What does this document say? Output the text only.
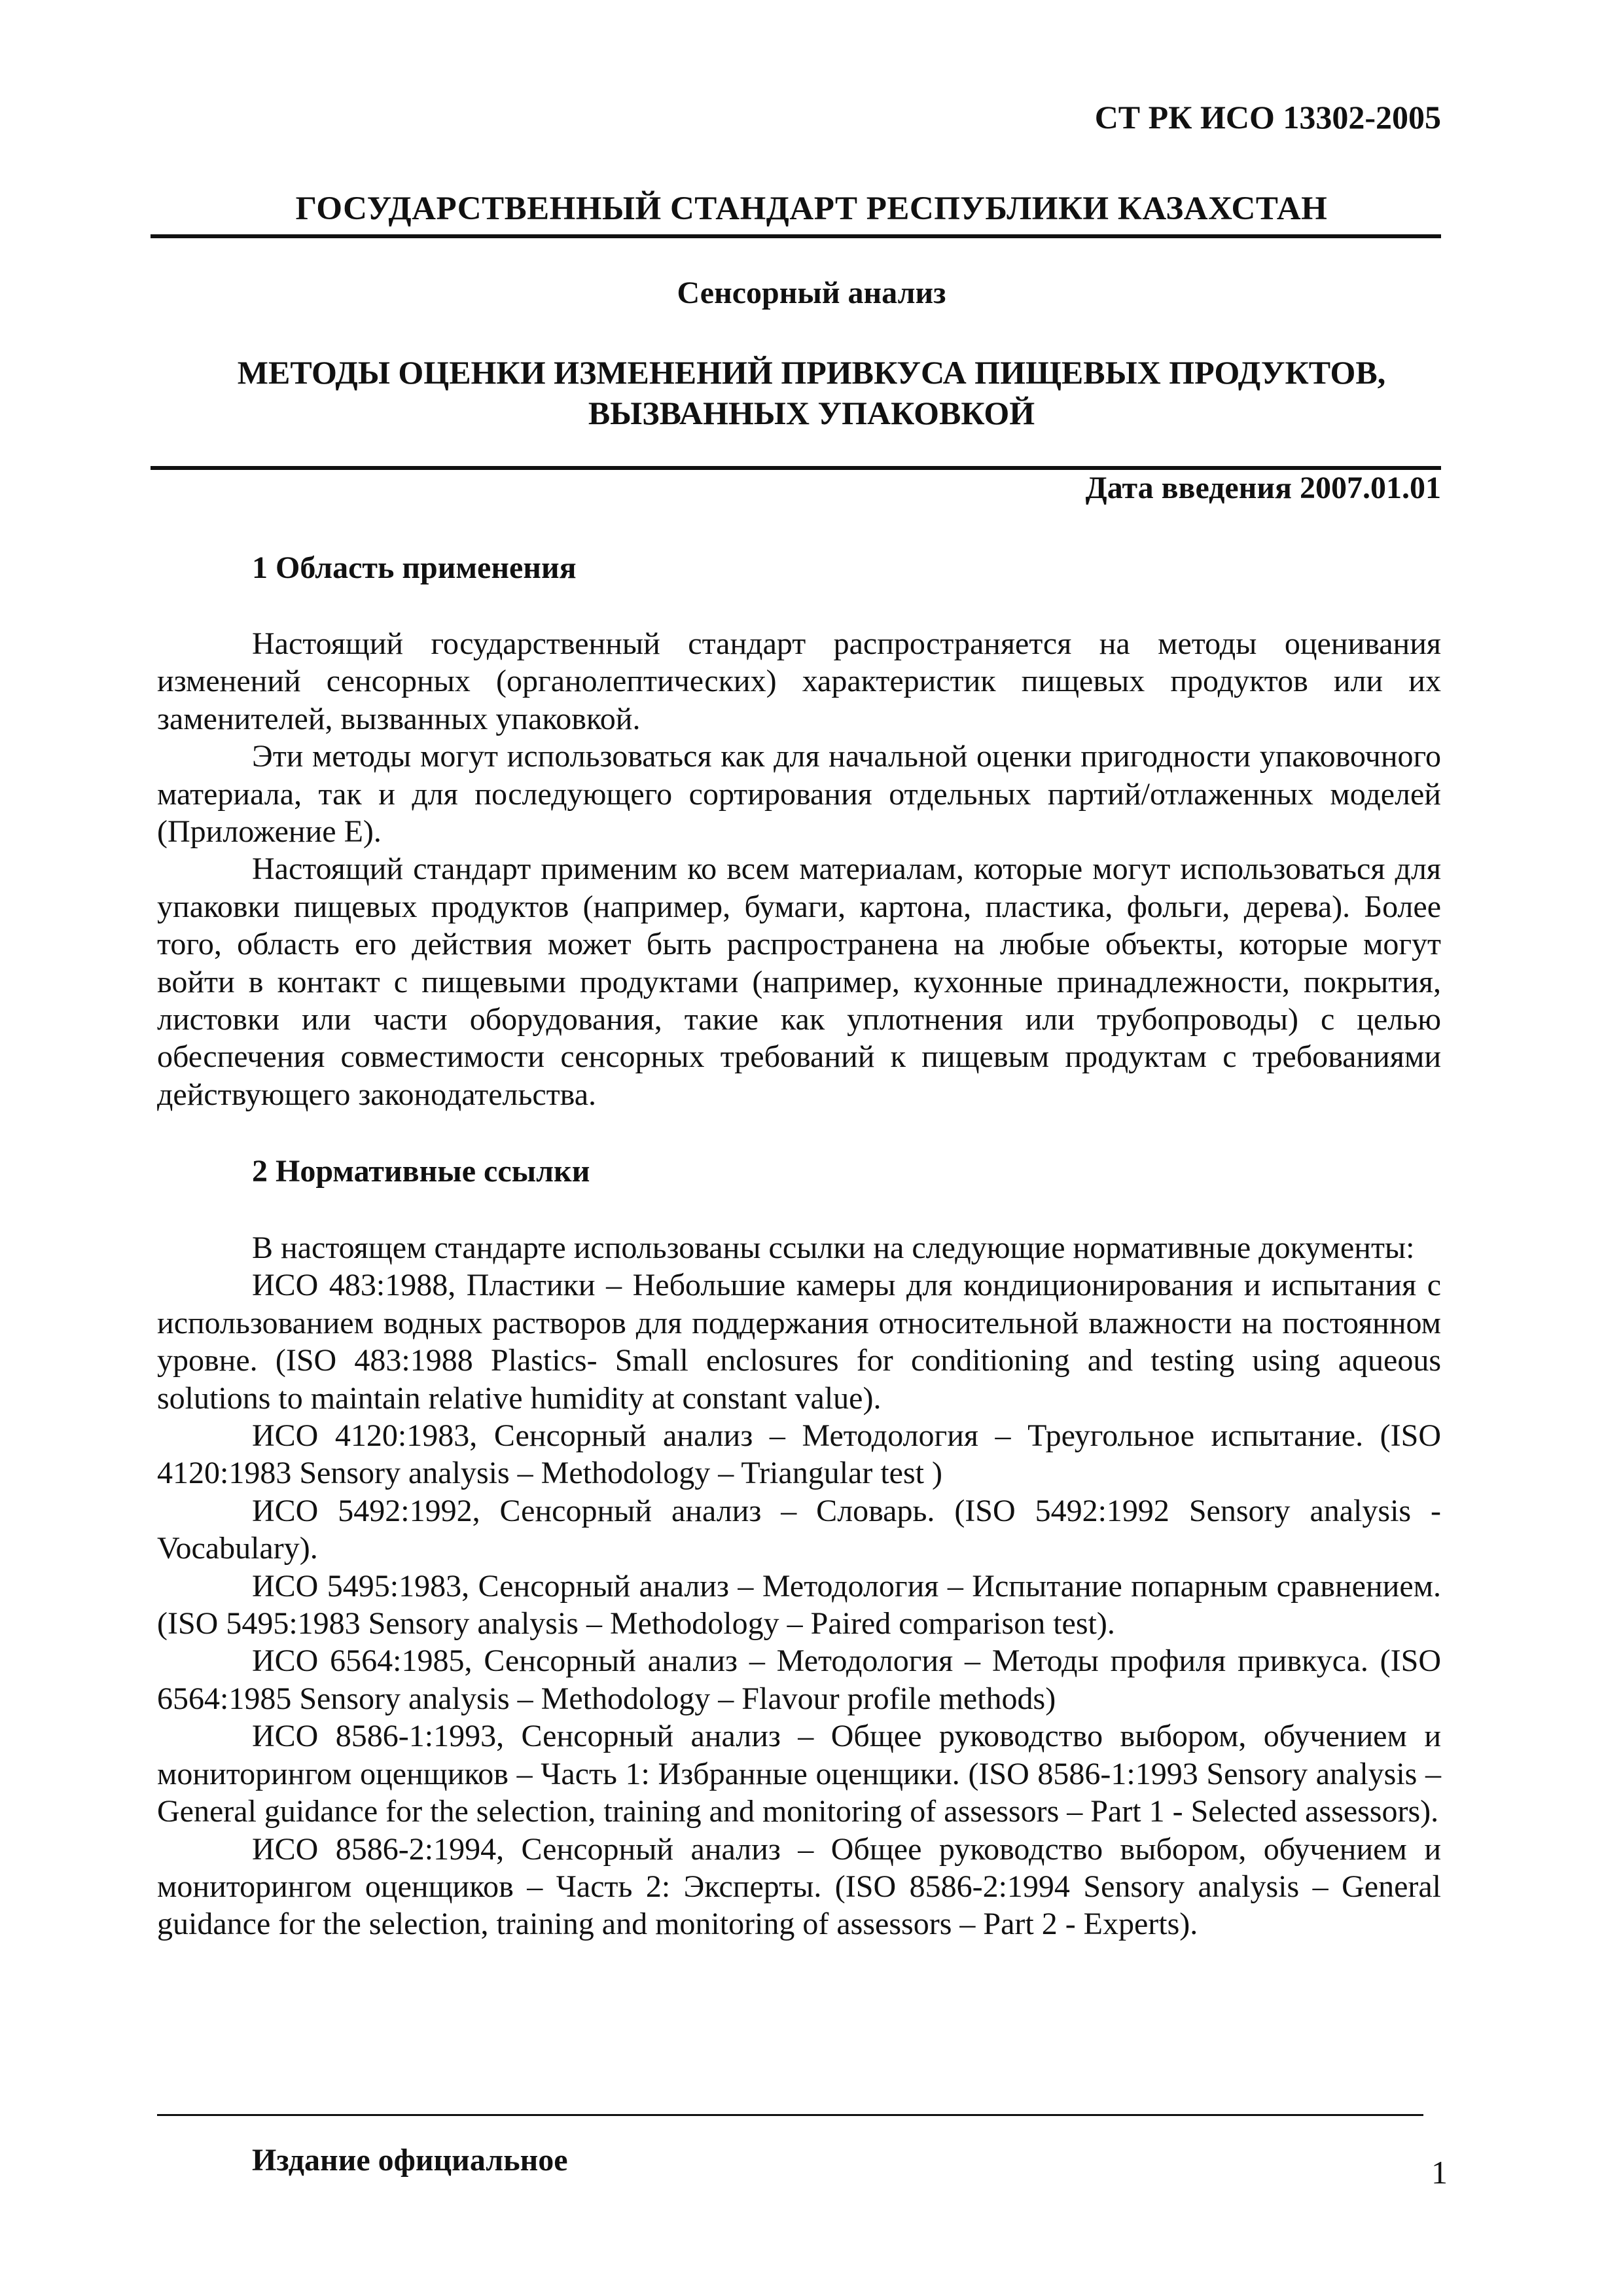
СТ РК ИСО 13302-2005
ГОСУДАРСТВЕННЫЙ СТАНДАРТ РЕСПУБЛИКИ КАЗАХСТАН
Сенсорный анализ
МЕТОДЫ ОЦЕНКИ ИЗМЕНЕНИЙ ПРИВКУСА ПИЩЕВЫХ ПРОДУКТОВ,
ВЫЗВАННЫХ УПАКОВКОЙ
Дата введения 2007.01.01
1 Область применения

Настоящий государственный стандарт распространяется на методы оценивания изменений сенсорных (органолептических) характеристик пищевых продуктов или их заменителей, вызванных упаковкой.

Эти методы могут использоваться как для начальной оценки пригодности упаковочного материала, так и для последующего сортирования отдельных партий/отлаженных моделей (Приложение Е).

Настоящий стандарт применим ко всем материалам, которые могут использоваться для упаковки пищевых продуктов (например, бумаги, картона, пластика, фольги, дерева). Более того, область его действия может быть распространена на любые объекты, которые могут войти в контакт с пищевыми продуктами (например, кухонные принадлежности, покрытия, листовки или части оборудования, такие как уплотнения или трубопроводы) с целью обеспечения совместимости сенсорных требований к пищевым продуктам с требованиями действующего законодательства.

2 Нормативные ссылки

В настоящем стандарте использованы ссылки на следующие нормативные документы:

ИСО 483:1988, Пластики – Небольшие камеры для кондиционирования и испытания с использованием водных растворов для поддержания относительной влажности на постоянном уровне. (ISO 483:1988 Plastics- Small enclosures for conditioning and testing using aqueous solutions to maintain relative humidity at constant value).

ИСО 4120:1983, Сенсорный анализ – Методология – Треугольное испытание. (ISO 4120:1983 Sensory analysis – Methodology – Triangular test )

ИСО 5492:1992, Сенсорный анализ – Словарь. (ISO 5492:1992 Sensory analysis - Vocabulary).

ИСО 5495:1983, Сенсорный анализ – Методология – Испытание попарным сравнением. (ISO 5495:1983 Sensory analysis – Methodology – Paired comparison test).

ИСО 6564:1985, Сенсорный анализ – Методология – Методы профиля привкуса. (ISO 6564:1985 Sensory analysis – Methodology – Flavour profile methods)

ИСО 8586-1:1993, Сенсорный анализ – Общее руководство выбором, обучением и мониторингом оценщиков – Часть 1: Избранные оценщики. (ISO 8586-1:1993 Sensory analysis – General guidance for the selection, training and monitoring of assessors – Part 1 - Selected assessors).

ИСО 8586-2:1994, Сенсорный анализ – Общее руководство выбором, обучением и мониторингом оценщиков – Часть 2: Эксперты. (ISO 8586-2:1994 Sensory analysis – General guidance for the selection, training and monitoring of assessors – Part 2 - Experts).

Издание официальное	1
